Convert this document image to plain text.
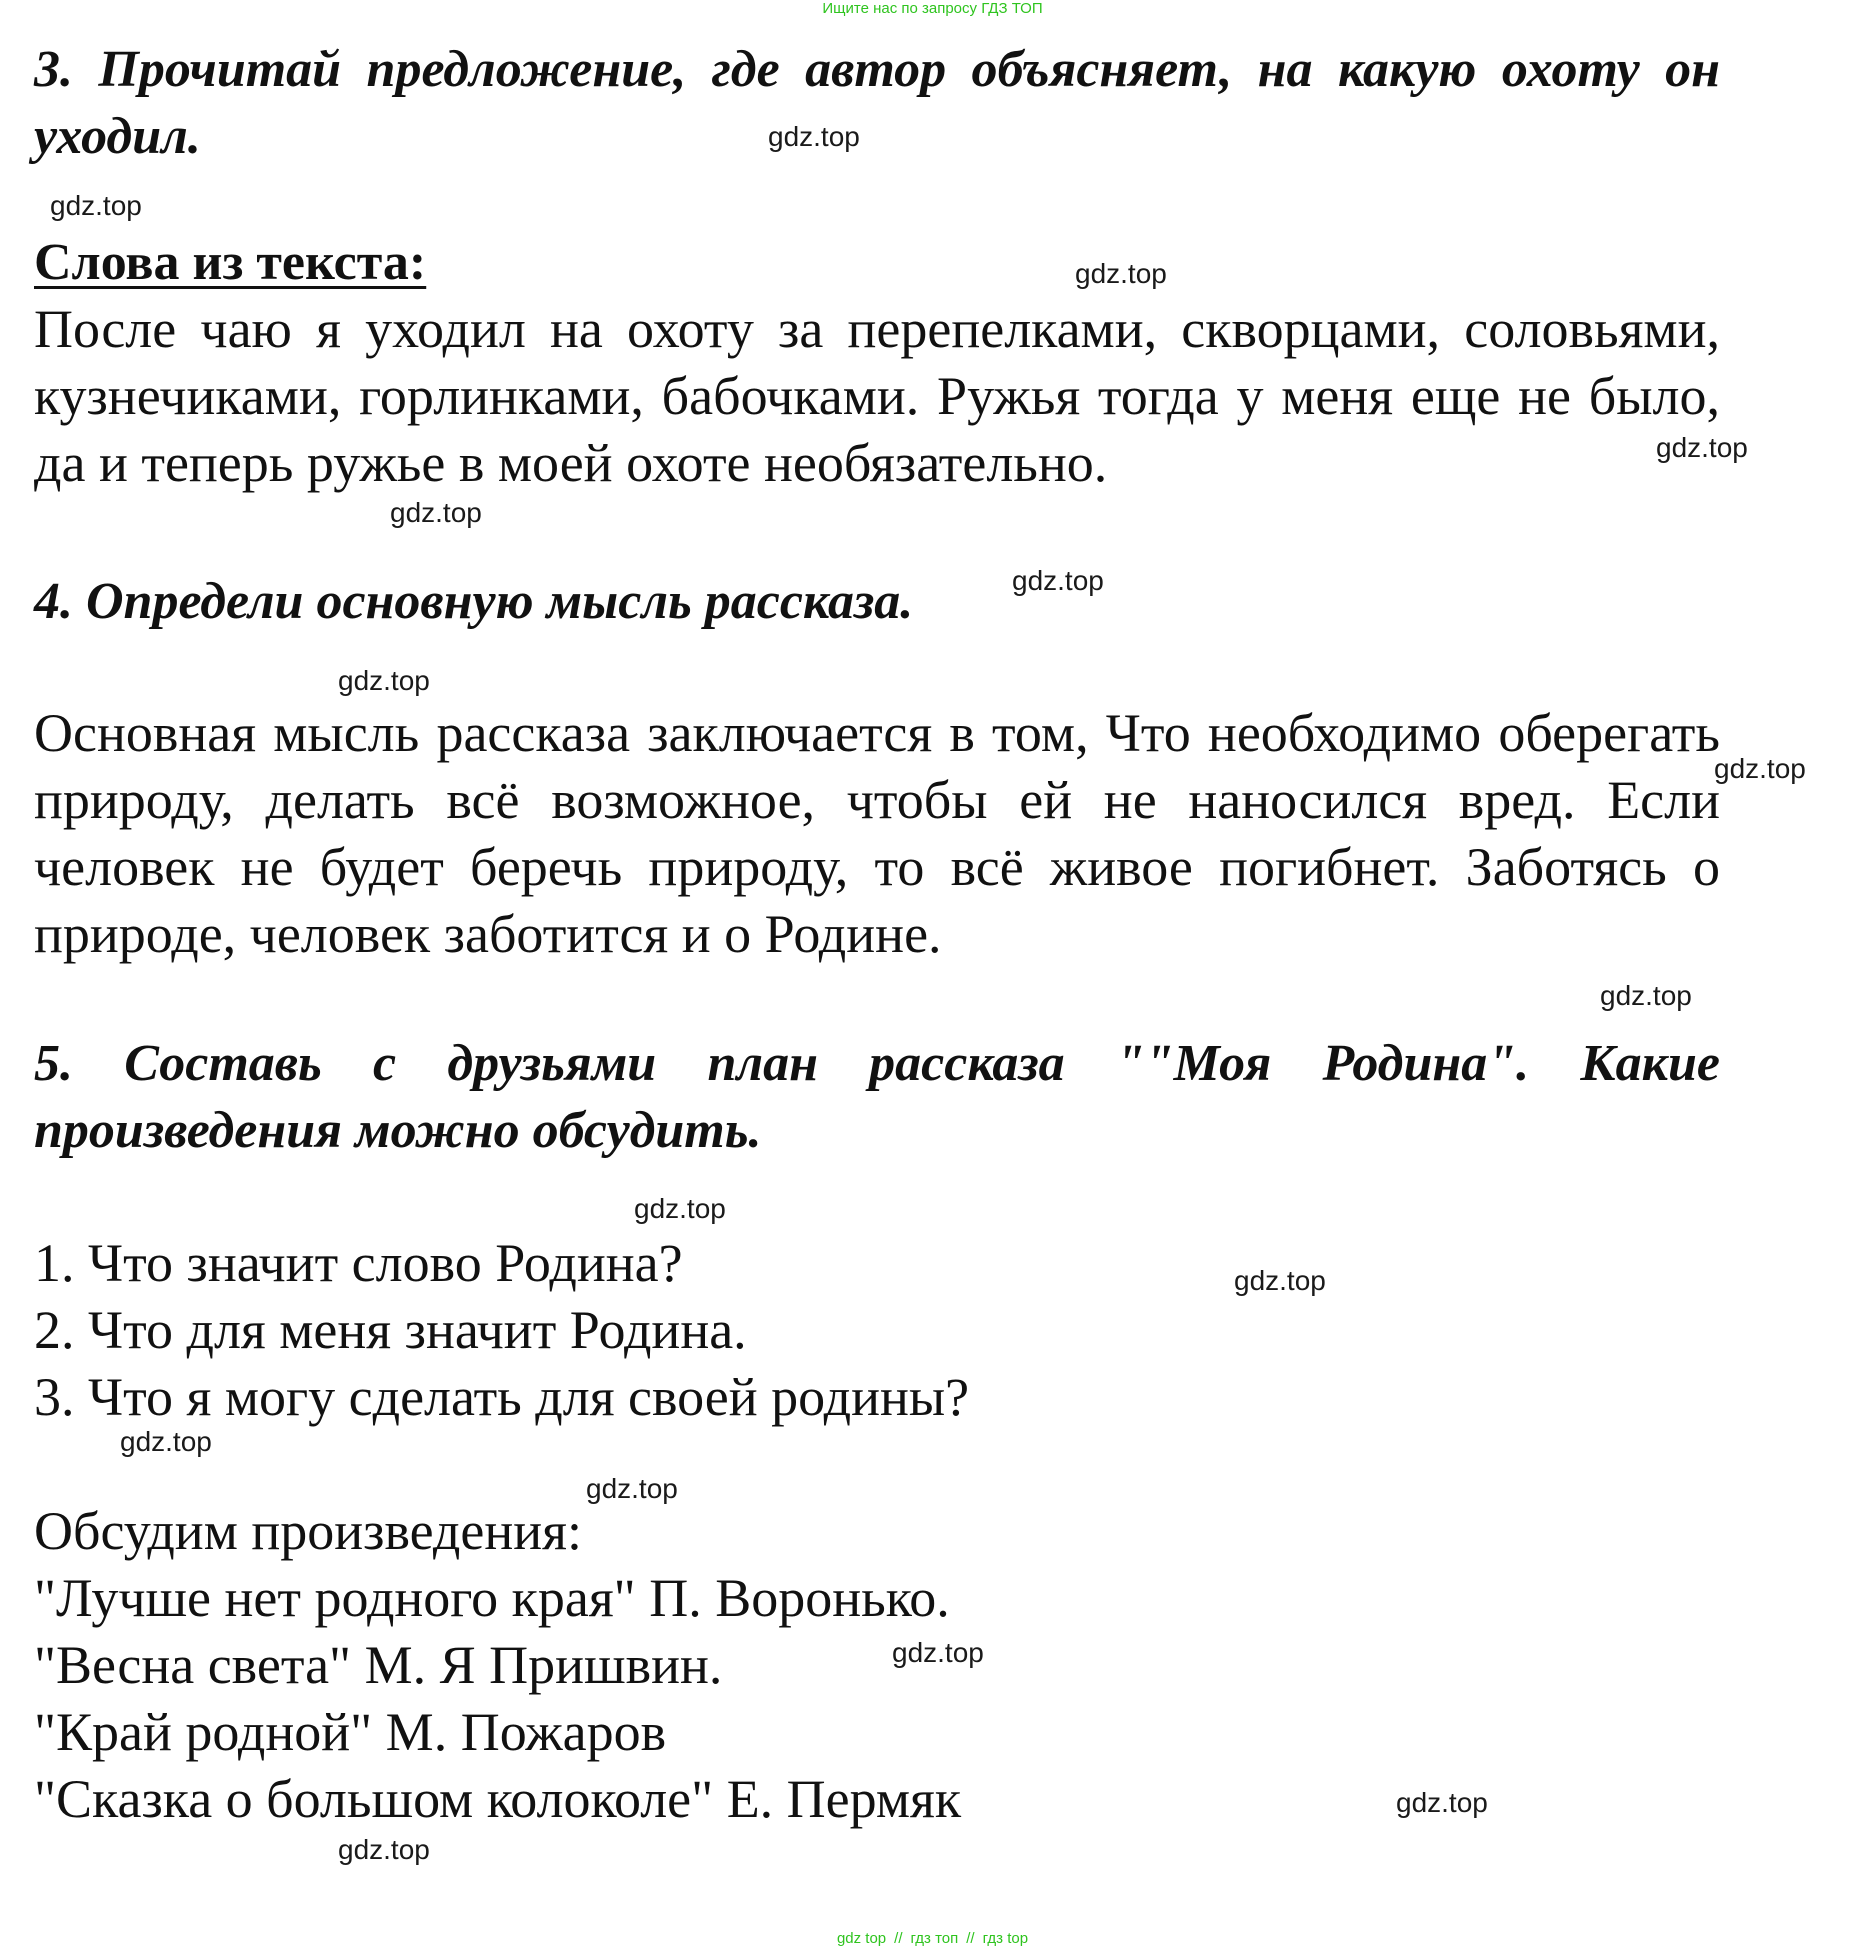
Ищите нас по запросу ГДЗ ТОП
3. Прочитай предложение, где автор объясняет, на какую охоту он уходил.
Слова из текста:
После чаю я уходил на охоту за перепелками, скворцами, соловьями, кузнечиками, горлинками, бабочками. Ружья тогда у меня еще не было, да и теперь ружье в моей охоте необязательно.
4. Определи основную мысль рассказа.
Основная мысль рассказа заключается в том, Что необходимо оберегать природу, делать всё возможное, чтобы ей не наносился вред. Если человек не будет беречь природу, то всё живое погибнет. Заботясь о природе, человек заботится и о Родине.
5. Составь с друзьями план рассказа ""Моя Родина". Какие произведения можно обсудить.
1. Что значит слово Родина?
2. Что для меня значит Родина.
3. Что я могу сделать для своей родины?
Обсудим произведения:
"Лучше нет родного края" П. Воронько.
"Весна света" М. Я Пришвин.
"Край родной" М. Пожаров
"Сказка о большом колоколе" Е. Пермяк
gdz.top
gdz.top
gdz.top
gdz.top
gdz.top
gdz.top
gdz.top
gdz.top
gdz.top
gdz.top
gdz.top
gdz.top
gdz.top
gdz.top
gdz.top
gdz.top
gdz top // гдз топ // гдз top
